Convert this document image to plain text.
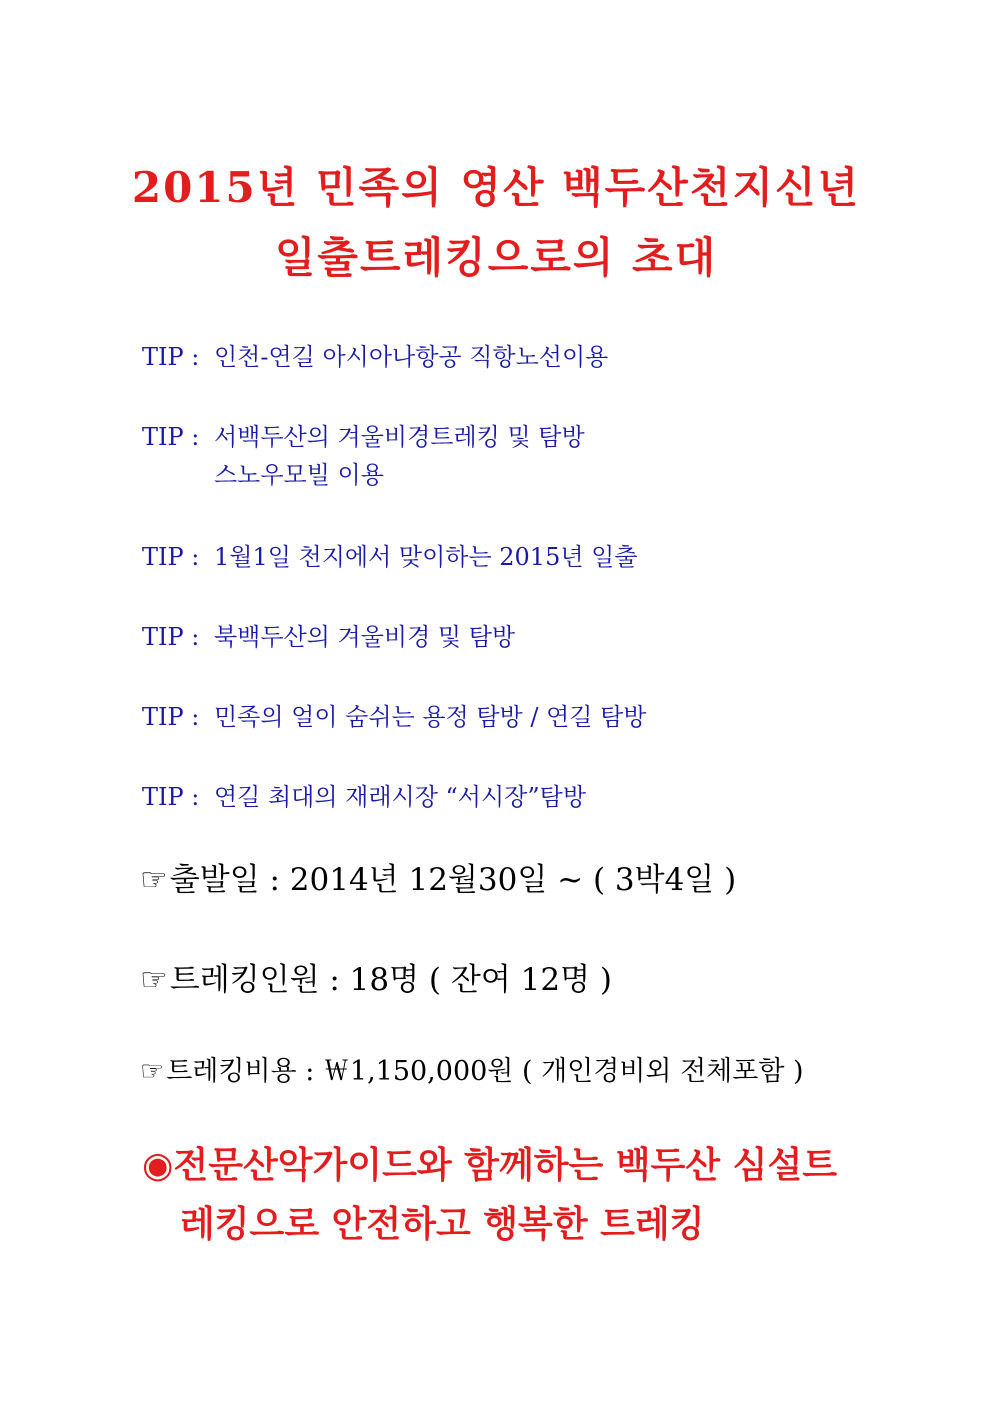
2015년 민족의 영산 백두산천지신년
일출트레킹으로의 초대
TIP : 인천-연길 아시아나항공 직항노선이용
TIP : 서백두산의 겨울비경트레킹 및 탐방
스노우모빌 이용
TIP : 1월1일 천지에서 맞이하는 2015년 일출
TIP : 북백두산의 겨울비경 및 탐방
TIP : 민족의 얼이 숨쉬는 용정 탐방 / 연길 탐방
TIP : 연길 최대의 재래시장 “서시장”탐방
☞출발일 : 2014년 12월30일 ~ ( 3박4일 )
☞트레킹인원 : 18명 ( 잔여 12명 )
☞트레킹비용 : ￦1,150,000원 ( 개인경비외 전체포함 )
◉전문산악가이드와 함께하는 백두산 심설트
레킹으로 안전하고 행복한 트레킹
